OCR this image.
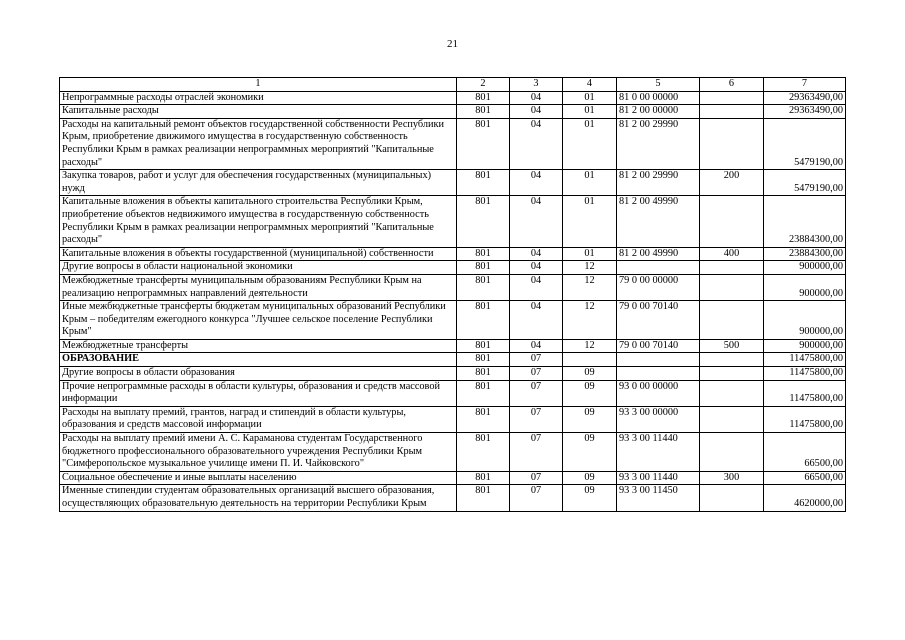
21
1	2	3	4	5	6	7
Непрограммные расходы отраслей экономики	801	04	01	81 0 00 00000		29363490,00
Капитальные расходы	801	04	01	81 2 00 00000		29363490,00
Расходы на капитальный ремонт объектов государственной собственности Республики Крым, приобретение движимого имущества в государственную собственность Республики Крым в рамках реализации непрограммных мероприятий "Капитальные расходы"	801	04	01	81 2 00 29990		5479190,00
Закупка товаров, работ и услуг для обеспечения государственных (муниципальных) нужд	801	04	01	81 2 00 29990	200	5479190,00
Капитальные вложения в объекты капитального строительства Республики Крым, приобретение объектов недвижимого имущества в государственную собственность Республики Крым в рамках реализации непрограммных мероприятий "Капитальные расходы"	801	04	01	81 2 00 49990		23884300,00
Капитальные вложения в объекты государственной (муниципальной) собственности	801	04	01	81 2 00 49990	400	23884300,00
Другие вопросы в области национальной экономики	801	04	12			900000,00
Межбюджетные трансферты муниципальным образованиям Республики Крым на реализацию непрограммных направлений деятельности	801	04	12	79 0 00 00000		900000,00
Иные межбюджетные трансферты бюджетам муниципальных образований Республики Крым – победителям ежегодного конкурса "Лучшее сельское поселение Республики Крым"	801	04	12	79 0 00 70140		900000,00
Межбюджетные трансферты	801	04	12	79 0 00 70140	500	900000,00
ОБРАЗОВАНИЕ	801	07				11475800,00
Другие вопросы в области образования	801	07	09			11475800,00
Прочие непрограммные расходы в области культуры, образования и средств массовой информации	801	07	09	93 0 00 00000		11475800,00
Расходы на выплату премий, грантов, наград и стипендий в области культуры, образования и средств массовой информации	801	07	09	93 3 00 00000		11475800,00
Расходы на выплату премий имени А. С. Караманова студентам Государственного бюджетного профессионального образовательного учреждения Республики Крым "Симферопольское музыкальное училище имени П. И. Чайковского"	801	07	09	93 3 00 11440		66500,00
Социальное обеспечение и иные выплаты населению	801	07	09	93 3 00 11440	300	66500,00
Именные стипендии студентам образовательных организаций высшего образования, осуществляющих образовательную деятельность на территории Республики Крым	801	07	09	93 3 00 11450		4620000,00
